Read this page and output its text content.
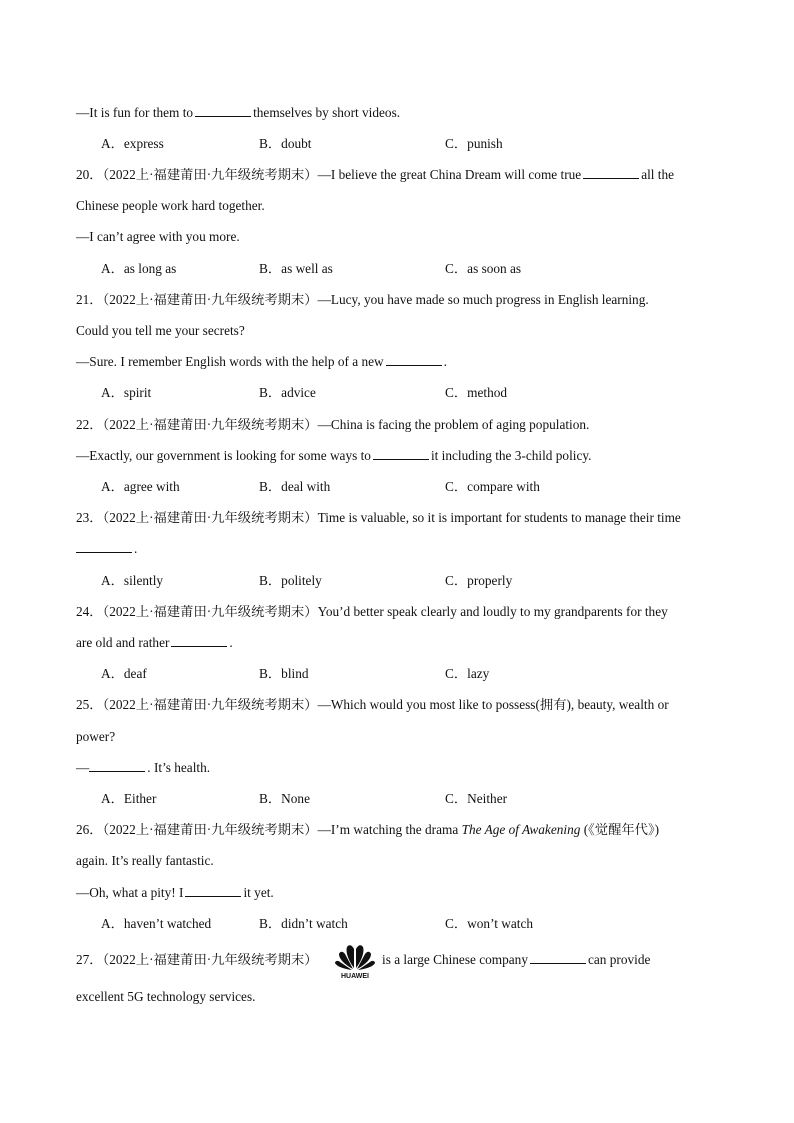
—It is fun for them to	themselves by short videos.
A．express	B．doubt	C．punish
20．（2022上·福建莆田·九年级统考期末）—I believe the great China Dream will come true	all the
Chinese people work hard together.
—I can’t agree with you more.
A．as long as	B．as well as	C．as soon as
21．（2022上·福建莆田·九年级统考期末）—Lucy, you have made so much progress in English learning.
Could you tell me your secrets?
—Sure. I remember English words with the help of a new	.
A．spirit	B．advice	C．method
22．（2022上·福建莆田·九年级统考期末）—China is facing the problem of aging population.
—Exactly, our government is looking for some ways to	it including the 3-child policy.
A．agree with	B．deal with	C．compare with
23．（2022上·福建莆田·九年级统考期末）Time is valuable, so it is important for students to manage their time
.
A．silently	B．politely	C．properly
24．（2022上·福建莆田·九年级统考期末）You’d better speak clearly and loudly to my grandparents for they
are old and rather	.
A．deaf	B．blind	C．lazy
25．（2022上·福建莆田·九年级统考期末）—Which would you most like to possess(拥有), beauty, wealth or
power?
—	. It’s health.
A．Either	B．None	C．Neither
26．（2022上·福建莆田·九年级统考期末）—I’m watching the drama The Age of Awakening (《觉醒年代》)
again. It’s really fantastic.
—Oh, what a pity! I	it yet.
A．haven’t watched	B．didn’t watch	C．won’t watch
27．（2022上·福建莆田·九年级统考期末）
HUAWEI
is a large Chinese company	can provide
excellent 5G technology services.
